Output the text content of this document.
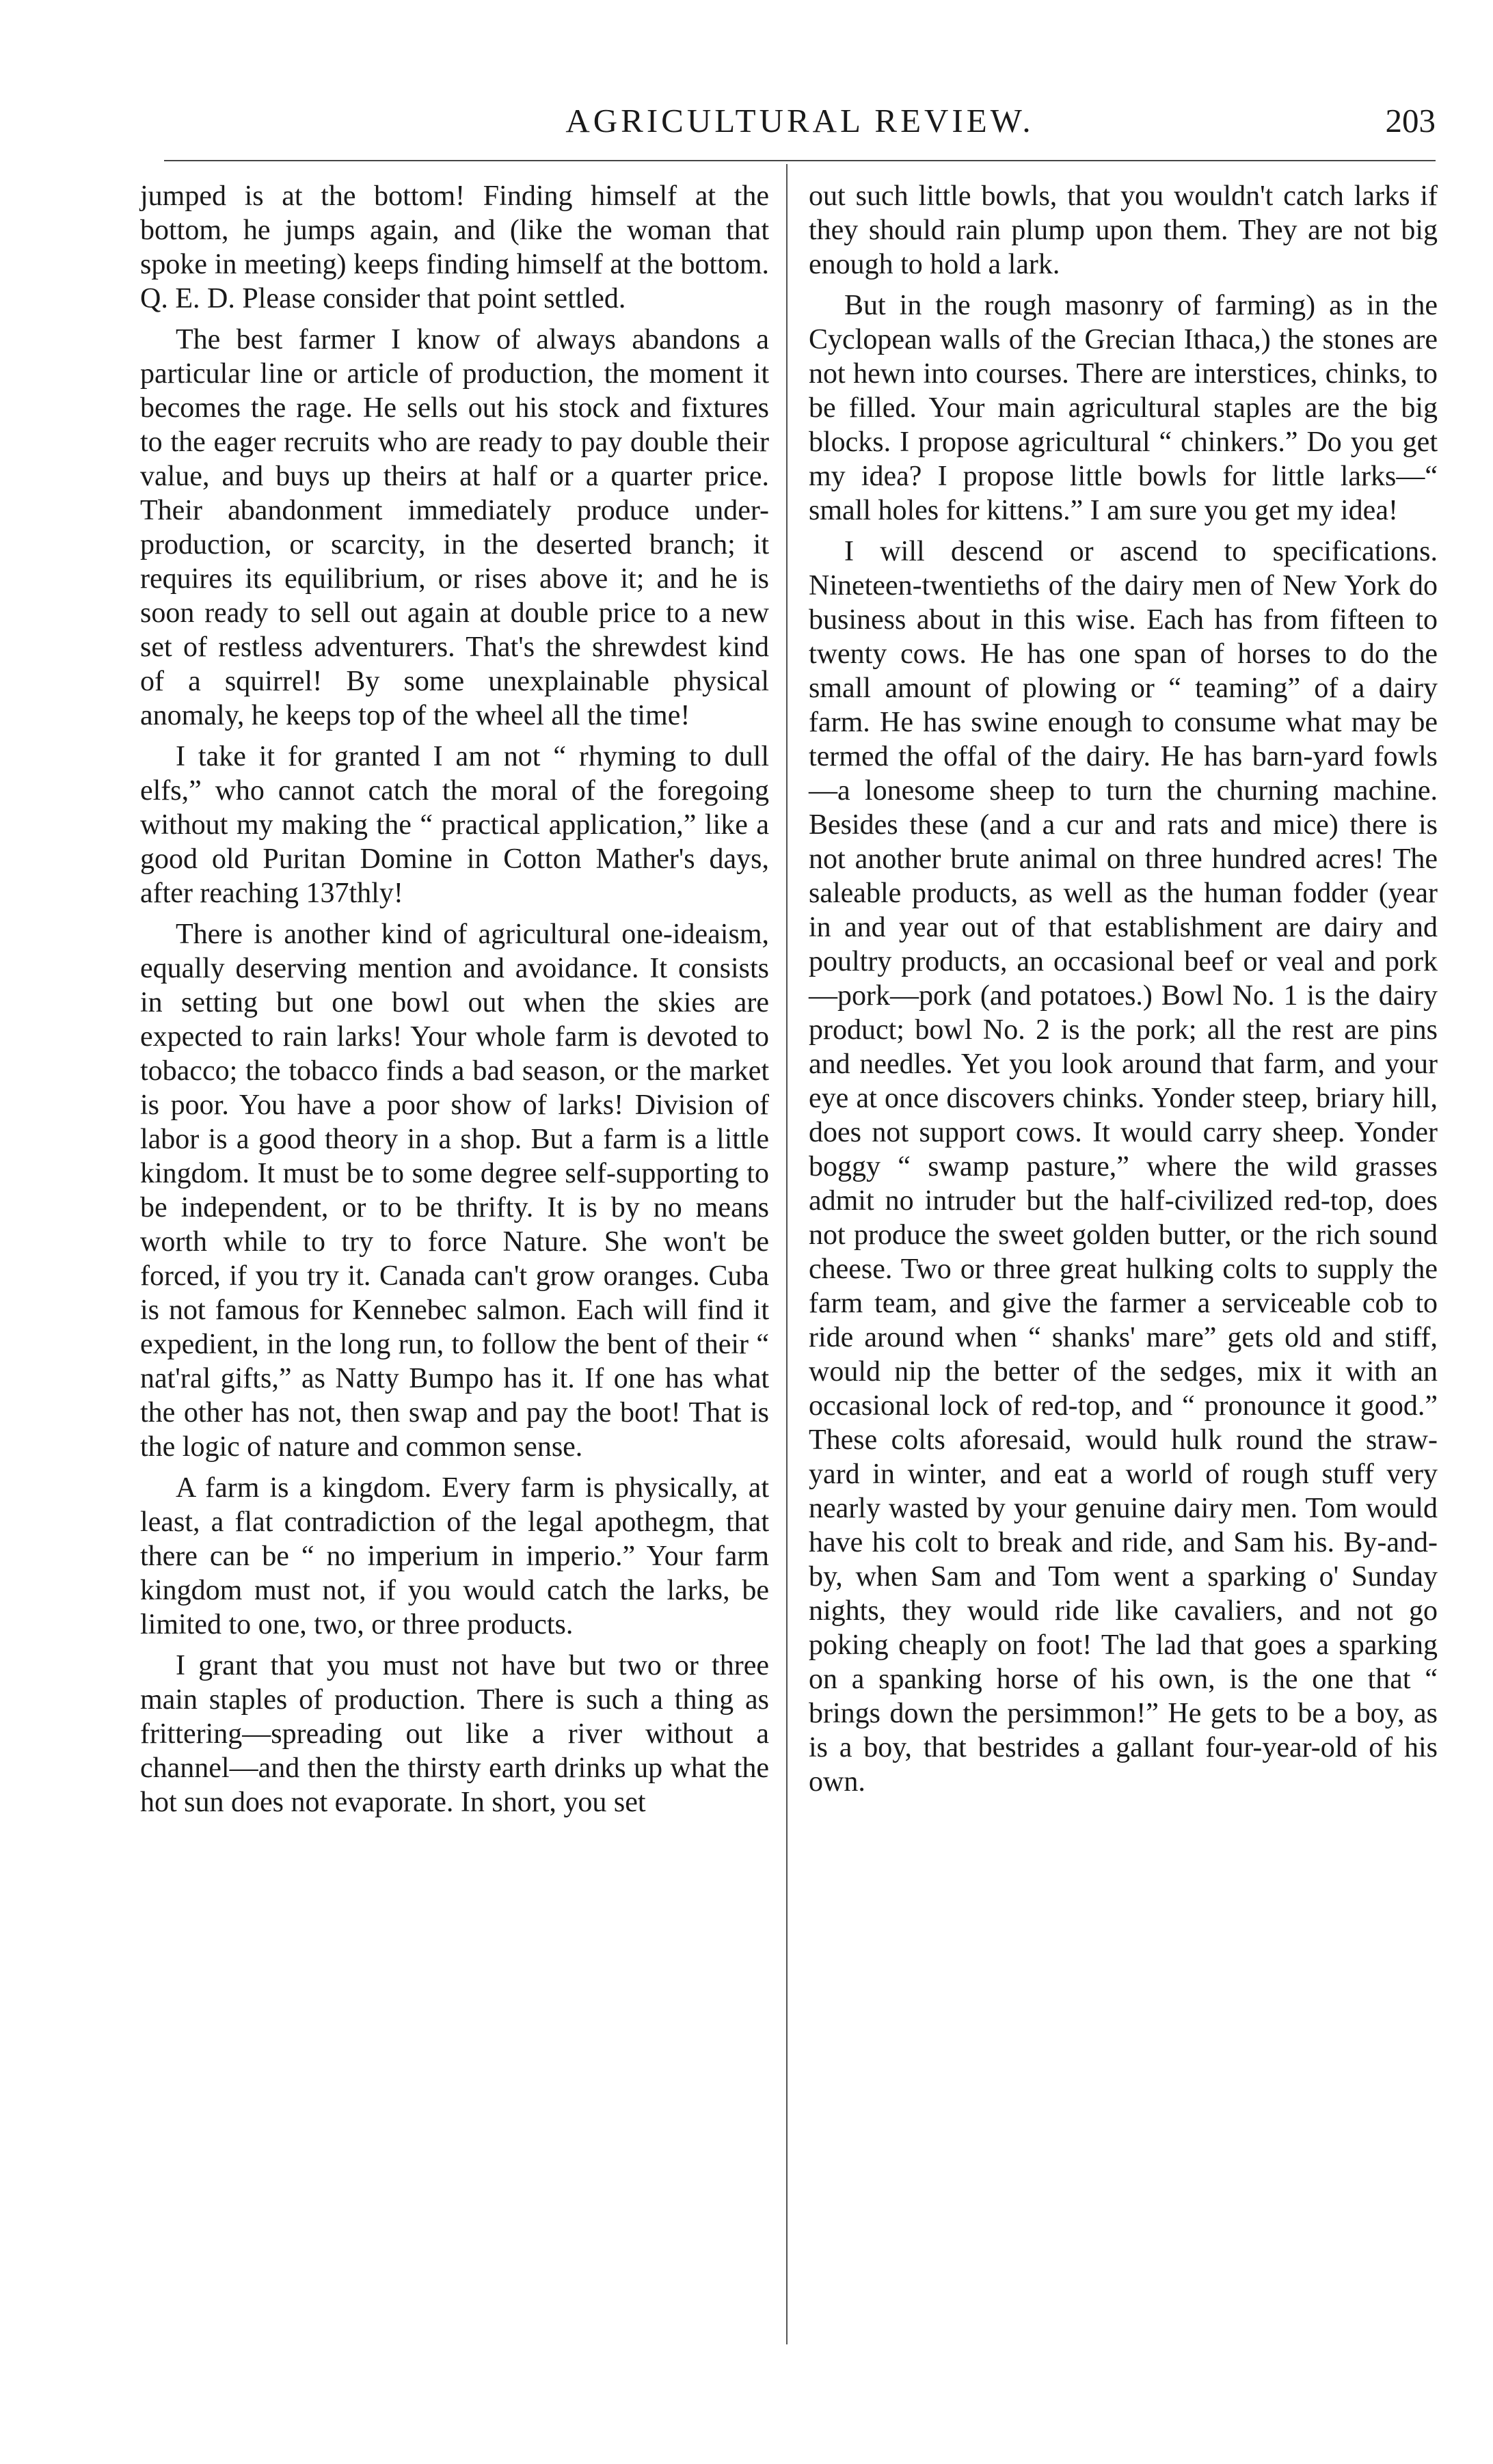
AGRICULTURAL REVIEW.	203

jumped is at the bottom! Finding himself at the bottom, he jumps again, and (like the woman that spoke in meeting) keeps finding himself at the bottom. Q. E. D. Please consider that point settled.

The best farmer I know of always abandons a particular line or article of production, the moment it becomes the rage. He sells out his stock and fixtures to the eager recruits who are ready to pay double their value, and buys up theirs at half or a quarter price. Their abandonment immediately produce under-production, or scarcity, in the deserted branch; it requires its equilibrium, or rises above it; and he is soon ready to sell out again at double price to a new set of restless adventurers. That's the shrewdest kind of a squirrel! By some unexplainable physical anomaly, he keeps top of the wheel all the time!

I take it for granted I am not “ rhyming to dull elfs,” who cannot catch the moral of the foregoing without my making the “ practical application,” like a good old Puritan Domine in Cotton Mather's days, after reaching 137thly!

There is another kind of agricultural one-ideaism, equally deserving mention and avoidance. It consists in setting but one bowl out when the skies are expected to rain larks! Your whole farm is devoted to tobacco; the tobacco finds a bad season, or the market is poor. You have a poor show of larks! Division of labor is a good theory in a shop. But a farm is a little kingdom. It must be to some degree self-supporting to be independent, or to be thrifty. It is by no means worth while to try to force Nature. She won't be forced, if you try it. Canada can't grow oranges. Cuba is not famous for Kennebec salmon. Each will find it expedient, in the long run, to follow the bent of their “ nat'ral gifts,” as Natty Bumpo has it. If one has what the other has not, then swap and pay the boot! That is the logic of nature and common sense.

A farm is a kingdom. Every farm is physically, at least, a flat contradiction of the legal apothegm, that there can be “ no imperium in imperio.” Your farm kingdom must not, if you would catch the larks, be limited to one, two, or three products.

I grant that you must not have but two or three main staples of production. There is such a thing as frittering—spreading out like a river without a channel—and then the thirsty earth drinks up what the hot sun does not evaporate. In short, you set

out such little bowls, that you wouldn't catch larks if they should rain plump upon them. They are not big enough to hold a lark.

But in the rough masonry of farming) as in the Cyclopean walls of the Grecian Ithaca,) the stones are not hewn into courses. There are interstices, chinks, to be filled. Your main agricultural staples are the big blocks. I propose agricultural “ chinkers.” Do you get my idea? I propose little bowls for little larks—“ small holes for kittens.” I am sure you get my idea!

I will descend or ascend to specifications. Nineteen-twentieths of the dairy men of New York do business about in this wise. Each has from fifteen to twenty cows. He has one span of horses to do the small amount of plowing or “ teaming” of a dairy farm. He has swine enough to consume what may be termed the offal of the dairy. He has barn-yard fowls—a lonesome sheep to turn the churning machine. Besides these (and a cur and rats and mice) there is not another brute animal on three hundred acres! The saleable products, as well as the human fodder (year in and year out of that establishment are dairy and poultry products, an occasional beef or veal and pork—pork—pork (and potatoes.) Bowl No. 1 is the dairy product; bowl No. 2 is the pork; all the rest are pins and needles. Yet you look around that farm, and your eye at once discovers chinks. Yonder steep, briary hill, does not support cows. It would carry sheep. Yonder boggy “ swamp pasture,” where the wild grasses admit no intruder but the half-civilized red-top, does not produce the sweet golden butter, or the rich sound cheese. Two or three great hulking colts to supply the farm team, and give the farmer a serviceable cob to ride around when “ shanks' mare” gets old and stiff, would nip the better of the sedges, mix it with an occasional lock of red-top, and “ pronounce it good.” These colts aforesaid, would hulk round the straw-yard in winter, and eat a world of rough stuff very nearly wasted by your genuine dairy men. Tom would have his colt to break and ride, and Sam his. By-and-by, when Sam and Tom went a sparking o' Sunday nights, they would ride like cavaliers, and not go poking cheaply on foot! The lad that goes a sparking on a spanking horse of his own, is the one that “ brings down the persimmon!” He gets to be a boy, as is a boy, that bestrides a gallant four-year-old of his own.
